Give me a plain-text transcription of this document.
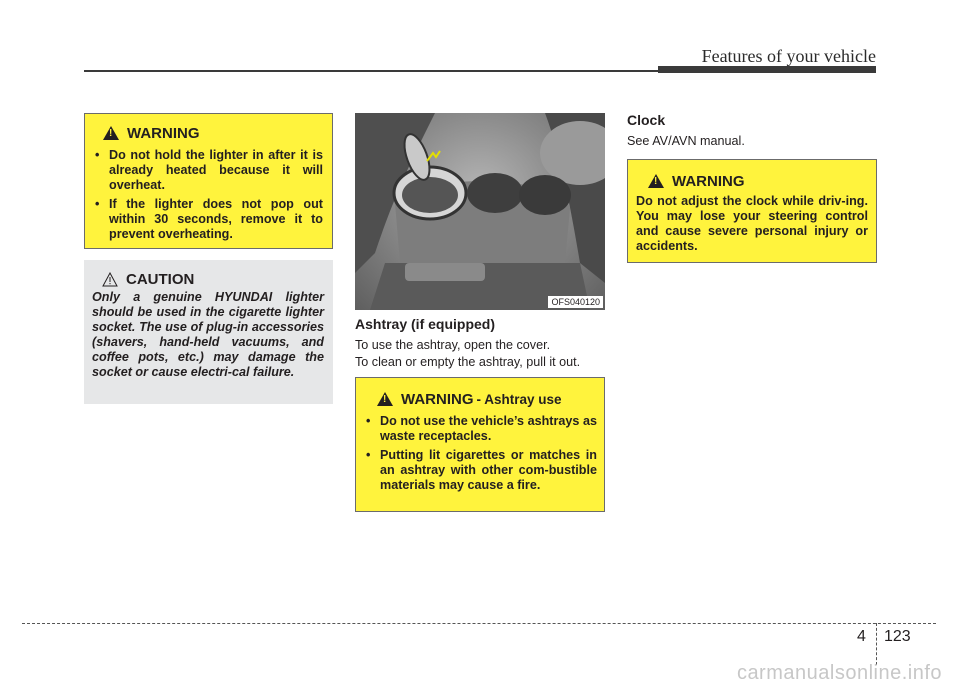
Features of your vehicle
!
WARNING
• Do not hold the lighter in after it is already heated because it will overheat.
• If the lighter does not pop out within 30 seconds, remove it to prevent overheating.
CAUTION

Only a genuine HYUNDAI lighter should be used in the cigarette lighter socket. The use of plug-in accessories (shavers, hand-held vacuums, and coffee pots, etc.) may damage the socket or cause electri-cal failure.

OFS040120
Ashtray (if equipped)
To use the ashtray, open the cover.
To clean or empty the ashtray, pull it out.
!
WARNING - Ashtray use
• Do not use the vehicle’s ashtrays as waste receptacles.
• Putting lit cigarettes or matches in an ashtray with other com-bustible materials may cause a fire.
Clock
See AV/AVN manual.
!
WARNING

Do not adjust the clock while driv-ing. You may lose your steering control and cause severe personal injury or accidents.

4 123
carmanualsonline.info
